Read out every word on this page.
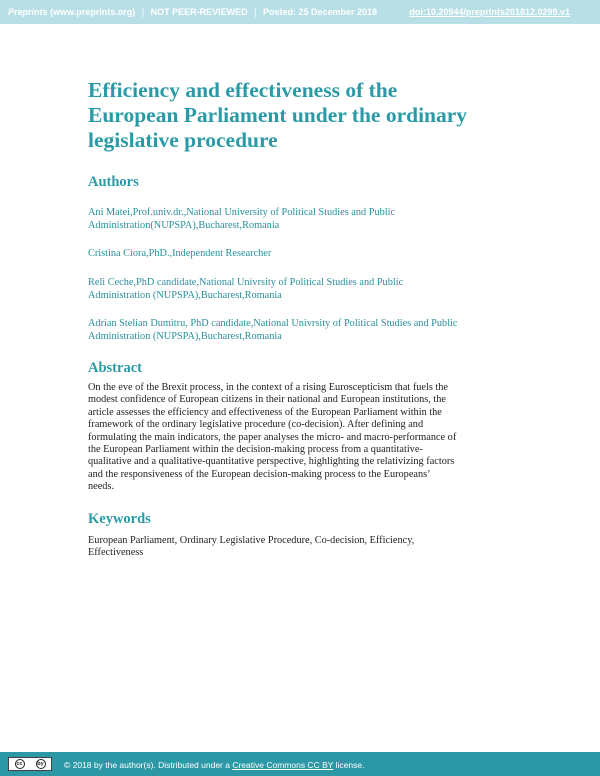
Preprints (www.preprints.org) | NOT PEER-REVIEWED | Posted: 25 December 2018	doi:10.20944/preprints201812.0299.v1
Efficiency and effectiveness of the
European Parliament under the ordinary
legislative procedure
Authors

Ani Matei,Prof.univ.dr.,National University of Political Studies and Public
Administration(NUPSPA),Bucharest,Romania

Cristina Ciora,PhD.,Independent Researcher

Reli Ceche,PhD candidate,National Univrsity of Political Studies and Public
Administration (NUPSPA),Bucharest,Romania

Adrian Stelian Dumitru, PhD candidate,National Univrsity of Political Studies and Public
Administration (NUPSPA),Bucharest,Romania

Abstract

On the eve of the Brexit process, in the context of a rising Euroscepticism that fuels the
modest confidence of European citizens in their national and European institutions, the
article assesses the efficiency and effectiveness of the European Parliament within the
framework of the ordinary legislative procedure (co-decision). After defining and
formulating the main indicators, the paper analyses the micro- and macro-performance of
the European Parliament within the decision-making process from a quantitative-
qualitative and a qualitative-quantitative perspective, highlighting the relativizing factors
and the responsiveness of the European decision-making process to the Europeans’
needs.

Keywords

European Parliament, Ordinary Legislative Procedure, Co-decision, Efficiency,
Effectiveness

cc	by © 2018 by the author(s). Distributed under a Creative Commons CC BY license.
